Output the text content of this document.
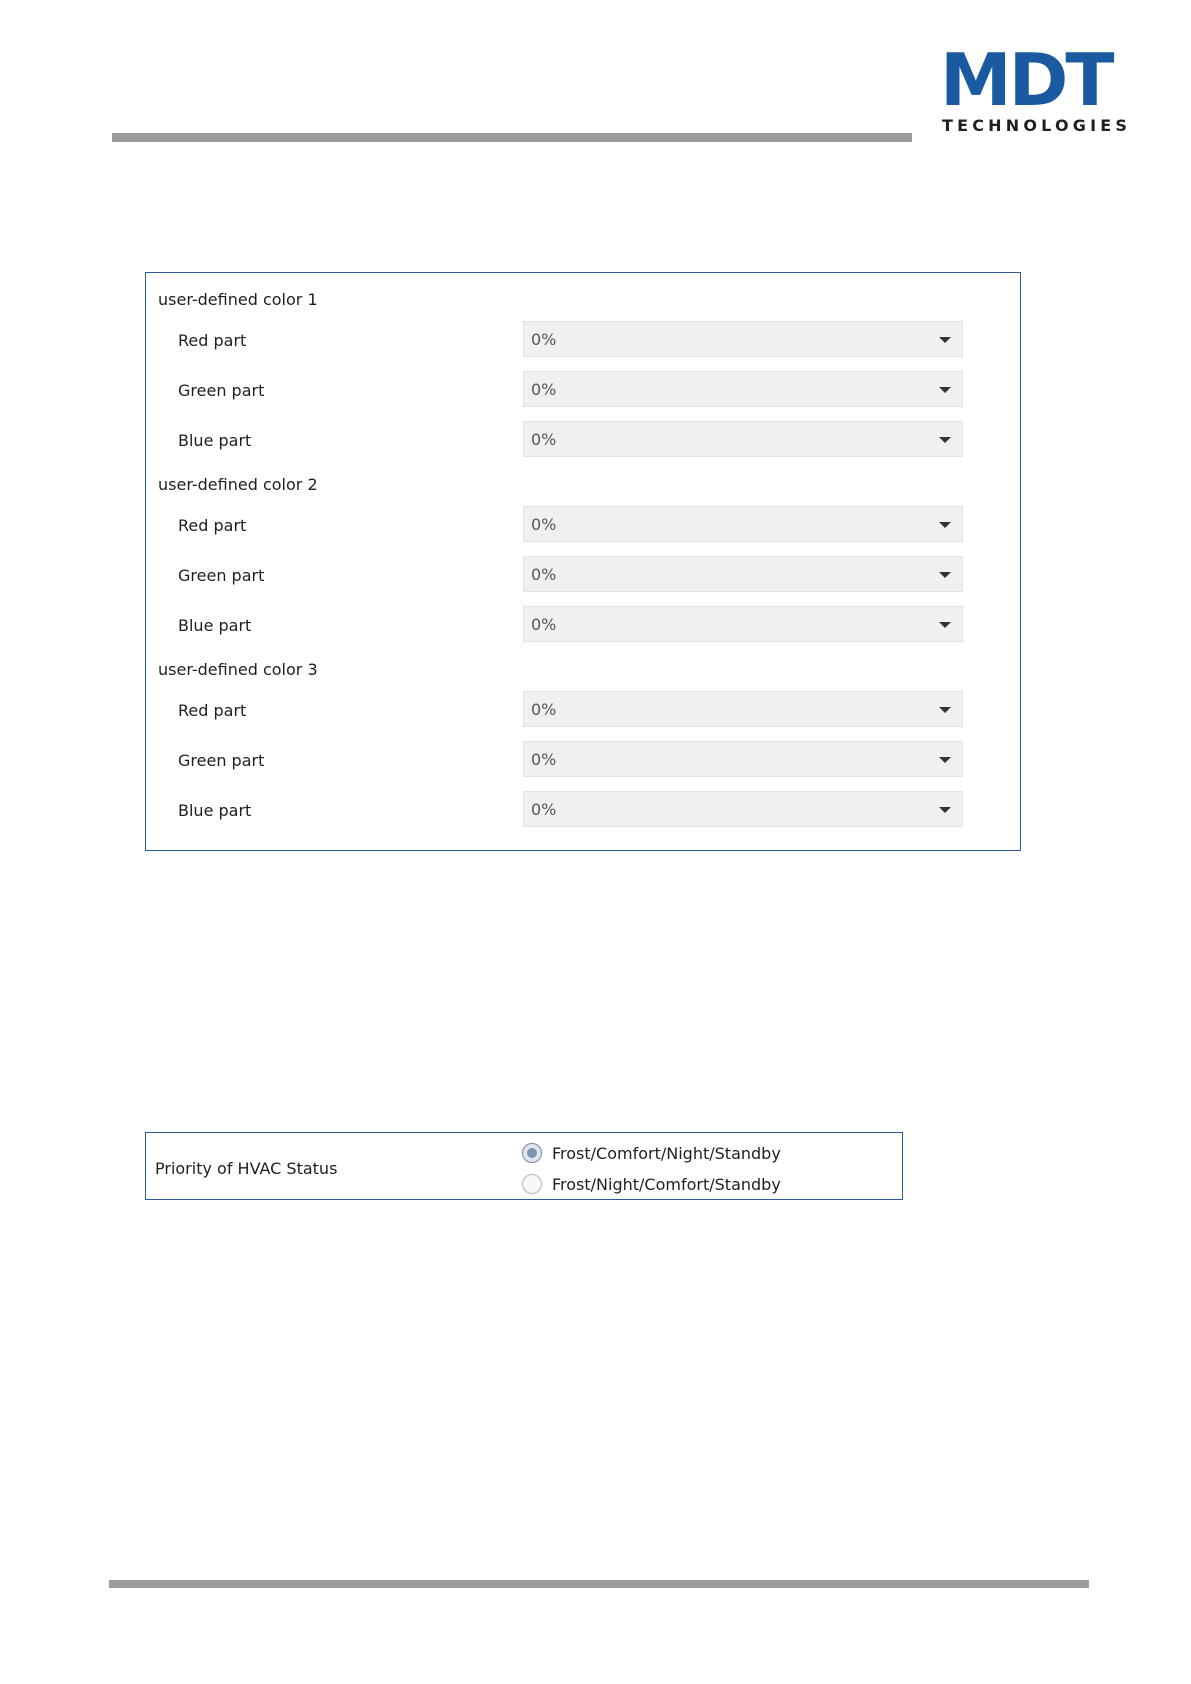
MDT
TECHNOLOGIES
user-defined color 1
Red part	0%
Green part	0%
Blue part	0%
user-defined color 2
Red part	0%
Green part	0%
Blue part	0%
user-defined color 3
Red part	0%
Green part	0%
Blue part	0%
Priority of HVAC Status
Frost/Comfort/Night/Standby
Frost/Night/Comfort/Standby
